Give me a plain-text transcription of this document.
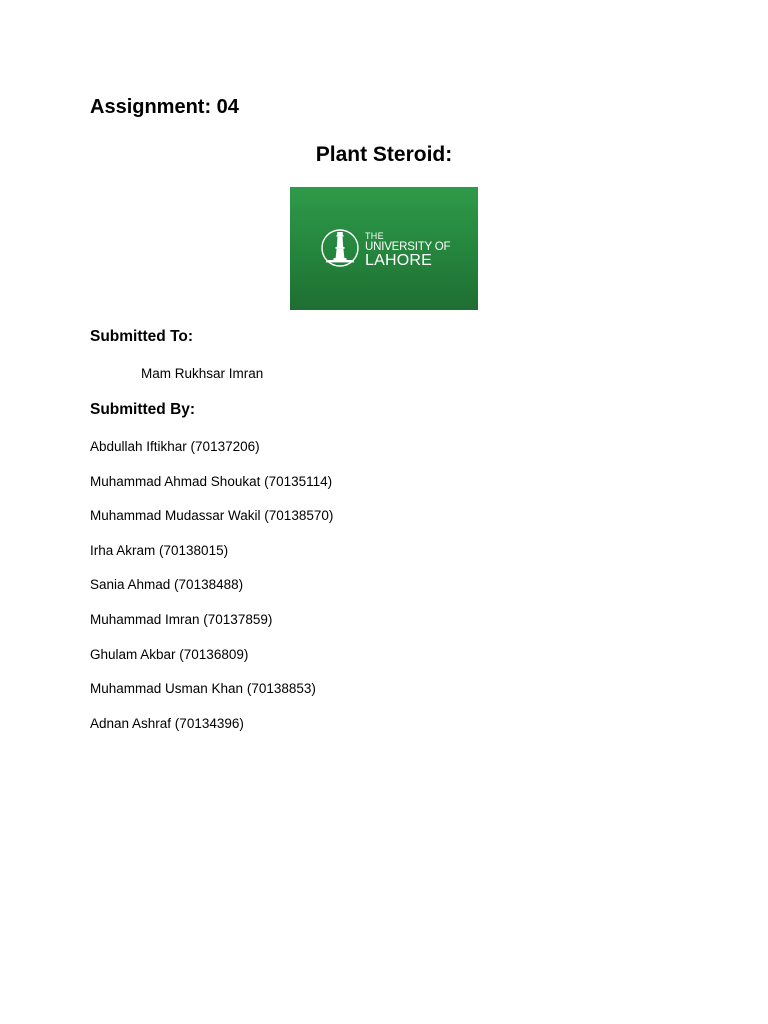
Assignment: 04
Plant Steroid:
THE
UNIVERSITY OF
LAHORE
Submitted To:
Mam Rukhsar Imran
Submitted By:
Abdullah Iftikhar (70137206)
Muhammad Ahmad Shoukat (70135114)
Muhammad Mudassar Wakil (70138570)
Irha Akram (70138015)
Sania Ahmad (70138488)
Muhammad Imran (70137859)
Ghulam Akbar (70136809)
Muhammad Usman Khan (70138853)
Adnan Ashraf (70134396)
